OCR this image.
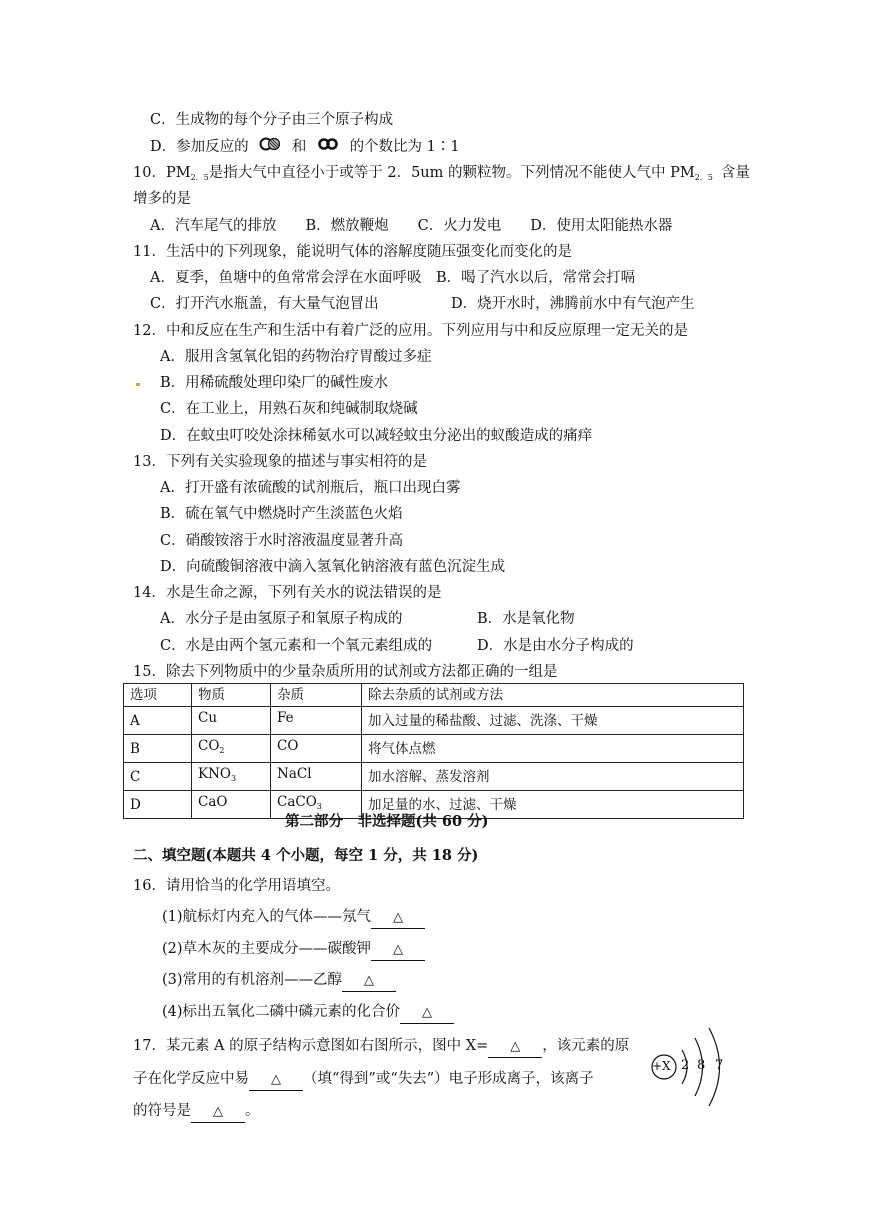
C．生成物的每个分子由三个原子构成
D．参加反应的	和	的个数比为 1∶1
10．$PM_{2.5}$是指大气中直径小于或等于 2．5um 的颗粒物。下列情况不能使人气中 $PM_{2.5}$ 含量
增多的是
A．汽车尾气的排放　　B．燃放鞭炮　　C．火力发电　　D．使用太阳能热水器
11．生活中的下列现象，能说明气体的溶解度随压强变化而变化的是
A．夏季，鱼塘中的鱼常常会浮在水面呼吸　B．喝了汽水以后，常常会打嗝
C．打开汽水瓶盖，有大量气泡冒出	D．烧开水时，沸腾前水中有气泡产生
12．中和反应在生产和生活中有着广泛的应用。下列应用与中和反应原理一定无关的是
A．服用含氢氧化铝的药物治疗胃酸过多症
B．用稀硫酸处理印染厂的碱性废水
C．在工业上，用熟石灰和纯碱制取烧碱
D．在蚊虫叮咬处涂抹稀氨水可以减轻蚊虫分泌出的蚁酸造成的痛痒
13．下列有关实验现象的描述与事实相符的是
A．打开盛有浓硫酸的试剂瓶后，瓶口出现白雾
B．硫在氧气中燃烧时产生淡蓝色火焰
C．硝酸铵溶于水时溶液温度显著升高
D．向硫酸铜溶液中滴入氢氧化钠溶液有蓝色沉淀生成
14．水是生命之源，下列有关水的说法错误的是
A．水分子是由氢原子和氧原子构成的	B．水是氧化物
C．水是由两个氢元素和一个氧元素组成的	D．水是由水分子构成的
15．除去下列物质中的少量杂质所用的试剂或方法都正确的一组是
选项	物质	杂质	除去杂质的试剂或方法
A	Cu	Fe	加入过量的稀盐酸、过滤、洗涤、干燥
B	$CO_2$	CO	将气体点燃
C	$KNO_3$	NaCl	加水溶解、蒸发溶剂
D	CaO	CaCO$_3$	加足量的水、过滤、干燥
第二部分　非选择题(共 60 分)
二、填空题(本题共 4 个小题，每空 1 分，共 18 分)
16．请用恰当的化学用语填空。
(1)航标灯内充入的气体——氖气 △
(2)草木灰的主要成分——碳酸钾 △
(3)常用的有机溶剂——乙醇 △
(4)标出五氧化二磷中磷元素的化合价 △
17．某元素 A 的原子结构示意图如右图所示，图中 X= △ ，该元素的原
子在化学反应中易 △ （填“得到”或“失去”）电子形成离子，该离子
的符号是 △ 。
+X 2 8 7
